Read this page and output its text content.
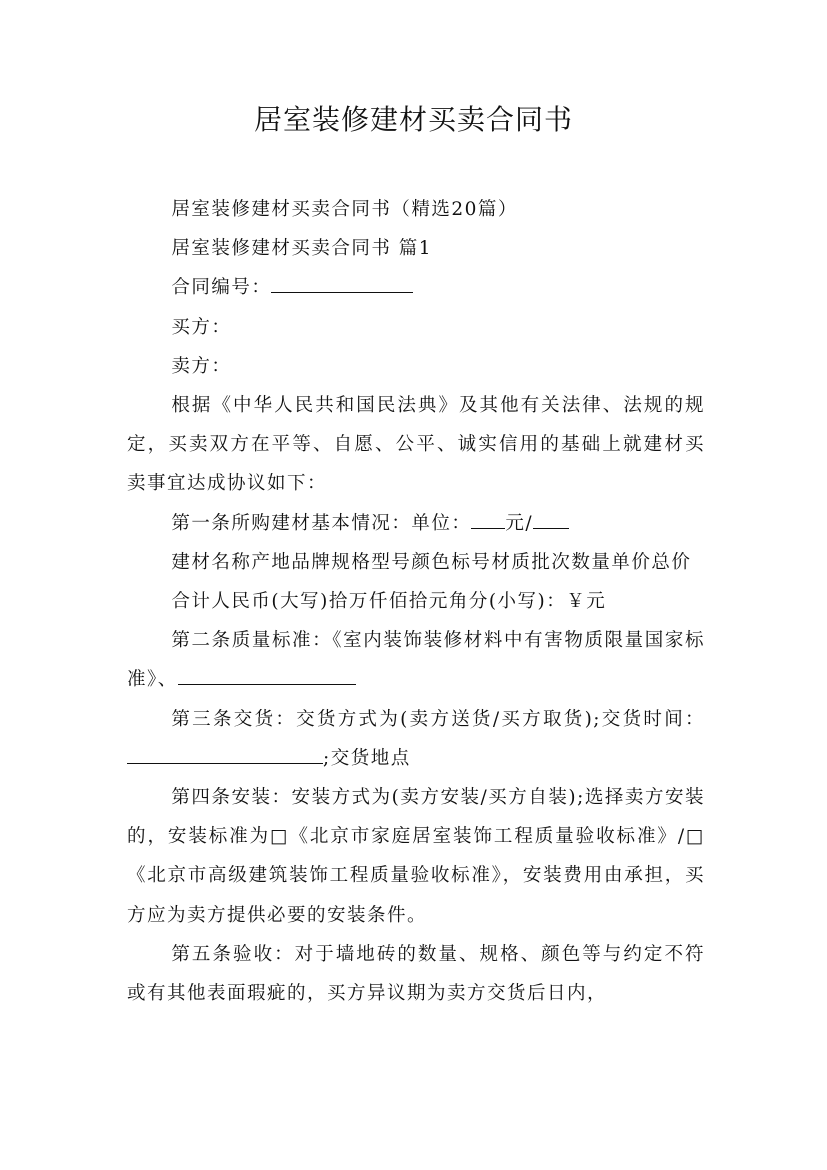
居室装修建材买卖合同书

居室装修建材买卖合同书（精选20篇）

居室装修建材买卖合同书 篇1

合同编号：

买方：

卖方：

根据《中华人民共和国民法典》及其他有关法律、法规的规定，买卖双方在平等、自愿、公平、诚实信用的基础上就建材买卖事宜达成协议如下：

第一条所购建材基本情况：单位： 元/

建材名称产地品牌规格型号颜色标号材质批次数量单价总价

合计人民币(大写)拾万仟佰拾元角分(小写)：￥元

第二条质量标准：《室内装饰装修材料中有害物质限量国家标准》、

第三条交货：交货方式为(卖方送货/买方取货);交货时间：;交货地点

第四条安装：安装方式为(卖方安装/买方自装);选择卖方安装的，安装标准为□《北京市家庭居室装饰工程质量验收标准》/□《北京市高级建筑装饰工程质量验收标准》，安装费用由承担，买方应为卖方提供必要的安装条件。

第五条验收：对于墙地砖的数量、规格、颜色等与约定不符或有其他表面瑕疵的，买方异议期为卖方交货后日内，
